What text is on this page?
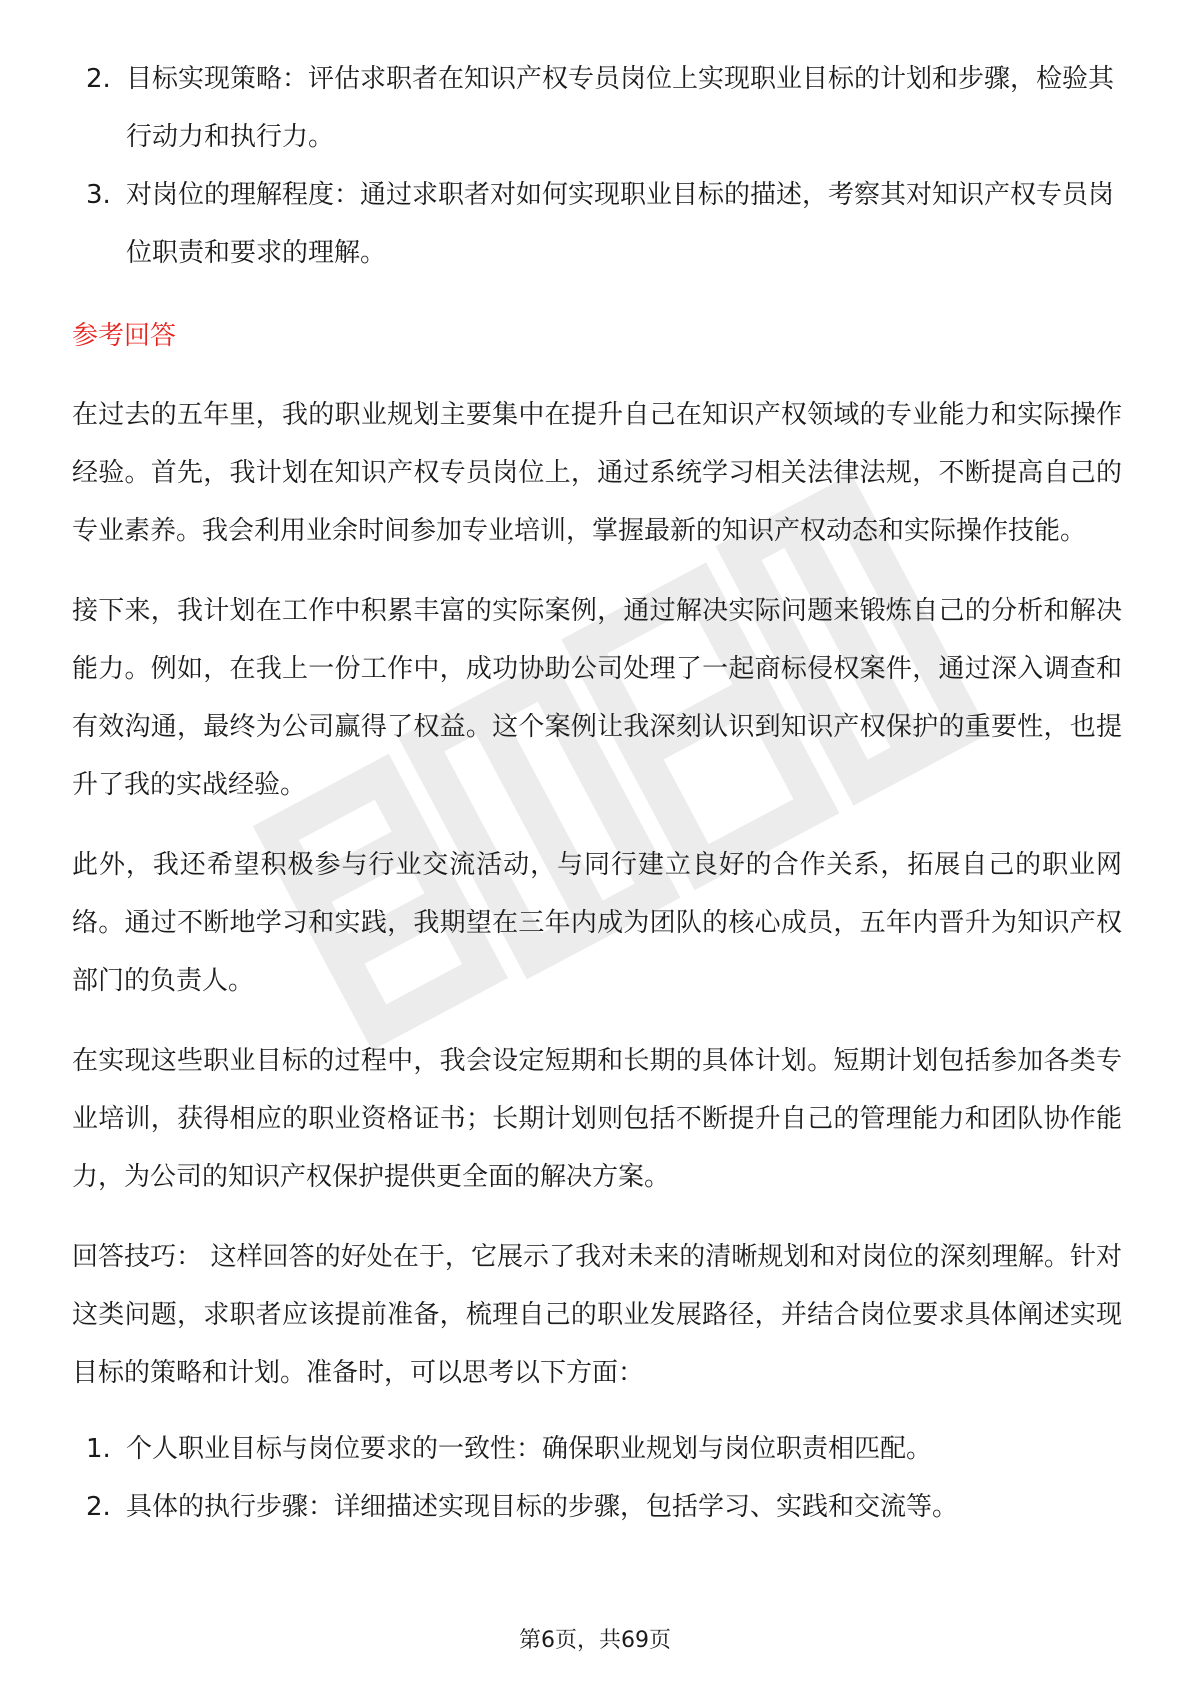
2. 目标实现策略：评估求职者在知识产权专员岗位上实现职业目标的计划和步骤，检验其行动力和执行力。
3. 对岗位的理解程度：通过求职者对如何实现职业目标的描述，考察其对知识产权专员岗位职责和要求的理解。
参考回答

在过去的五年里，我的职业规划主要集中在提升自己在知识产权领域的专业能力和实际操作经验。首先，我计划在知识产权专员岗位上，通过系统学习相关法律法规，不断提高自己的专业素养。我会利用业余时间参加专业培训，掌握最新的知识产权动态和实际操作技能。

接下来，我计划在工作中积累丰富的实际案例，通过解决实际问题来锻炼自己的分析和解决能力。例如，在我上一份工作中，成功协助公司处理了一起商标侵权案件，通过深入调查和有效沟通，最终为公司赢得了权益。这个案例让我深刻认识到知识产权保护的重要性，也提升了我的实战经验。

此外，我还希望积极参与行业交流活动，与同行建立良好的合作关系，拓展自己的职业网络。通过不断地学习和实践，我期望在三年内成为团队的核心成员，五年内晋升为知识产权部门的负责人。

在实现这些职业目标的过程中，我会设定短期和长期的具体计划。短期计划包括参加各类专业培训，获得相应的职业资格证书；长期计划则包括不断提升自己的管理能力和团队协作能力，为公司的知识产权保护提供更全面的解决方案。

回答技巧： 这样回答的好处在于，它展示了我对未来的清晰规划和对岗位的深刻理解。针对这类问题，求职者应该提前准备，梳理自己的职业发展路径，并结合岗位要求具体阐述实现目标的策略和计划。准备时，可以思考以下方面：

1. 个人职业目标与岗位要求的一致性：确保职业规划与岗位职责相匹配。
2. 具体的执行步骤：详细描述实现目标的步骤，包括学习、实践和交流等。
第6页，共69页
